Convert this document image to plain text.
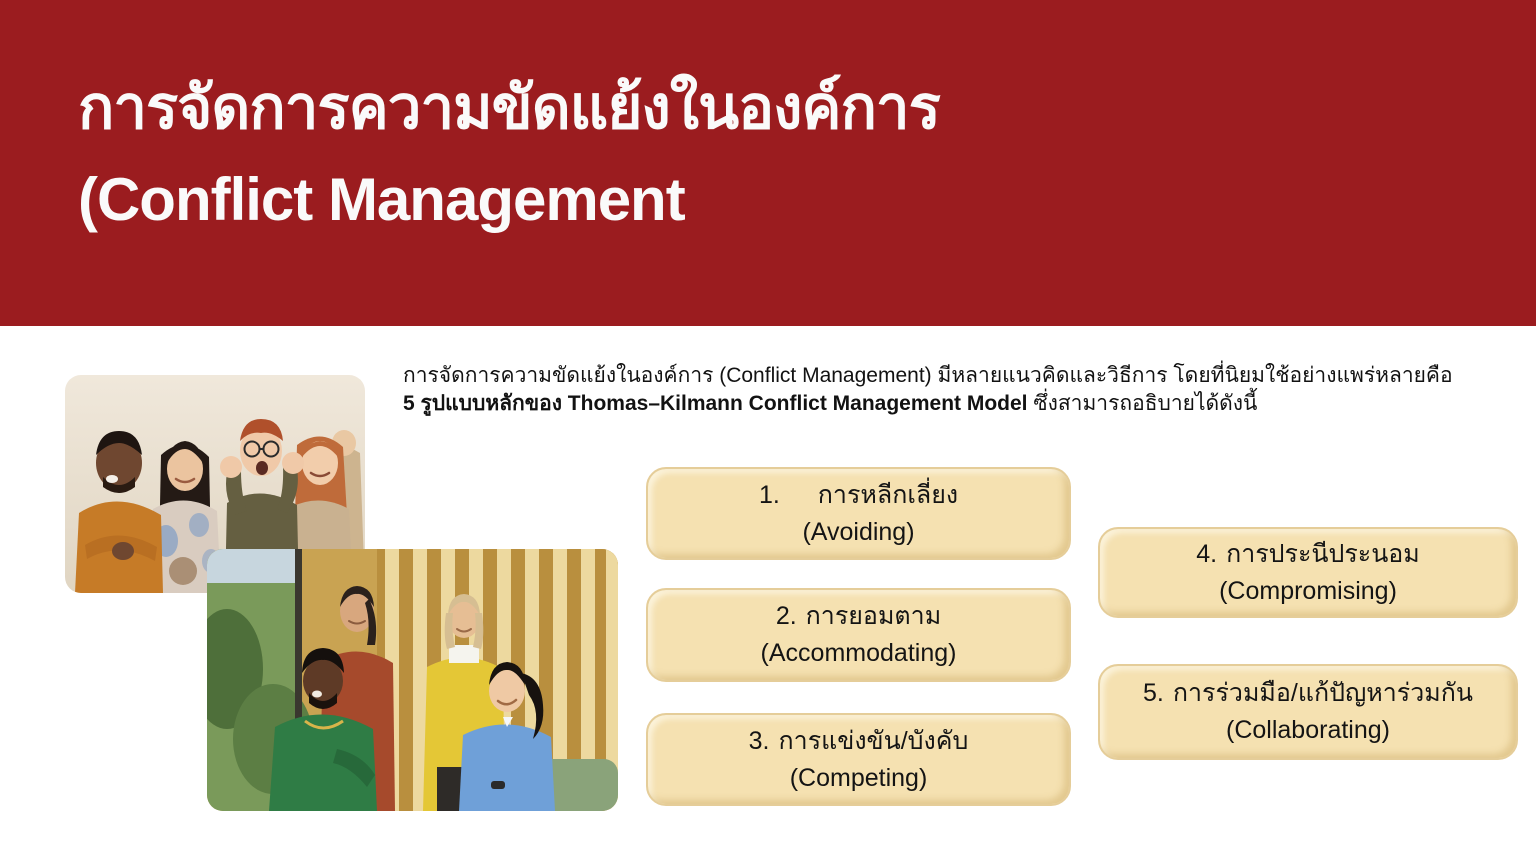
การจัดการความขัดแย้งในองค์การ
(Conflict Management
การจัดการความขัดแย้งในองค์การ (Conflict Management) มีหลายแนวคิดและวิธีการ โดยที่นิยมใช้อย่างแพร่หลายคือ 5 รูปแบบหลักของ Thomas–Kilmann Conflict Management Model ซึ่งสามารถอธิบายได้ดังนี้
1. การหลีกเลี่ยง
(Avoiding)
2. การยอมตาม
(Accommodating)
3. การแข่งขัน/บังคับ
(Competing)
4. การประนีประนอม
(Compromising)
5. การร่วมมือ/แก้ปัญหาร่วมกัน
(Collaborating)
